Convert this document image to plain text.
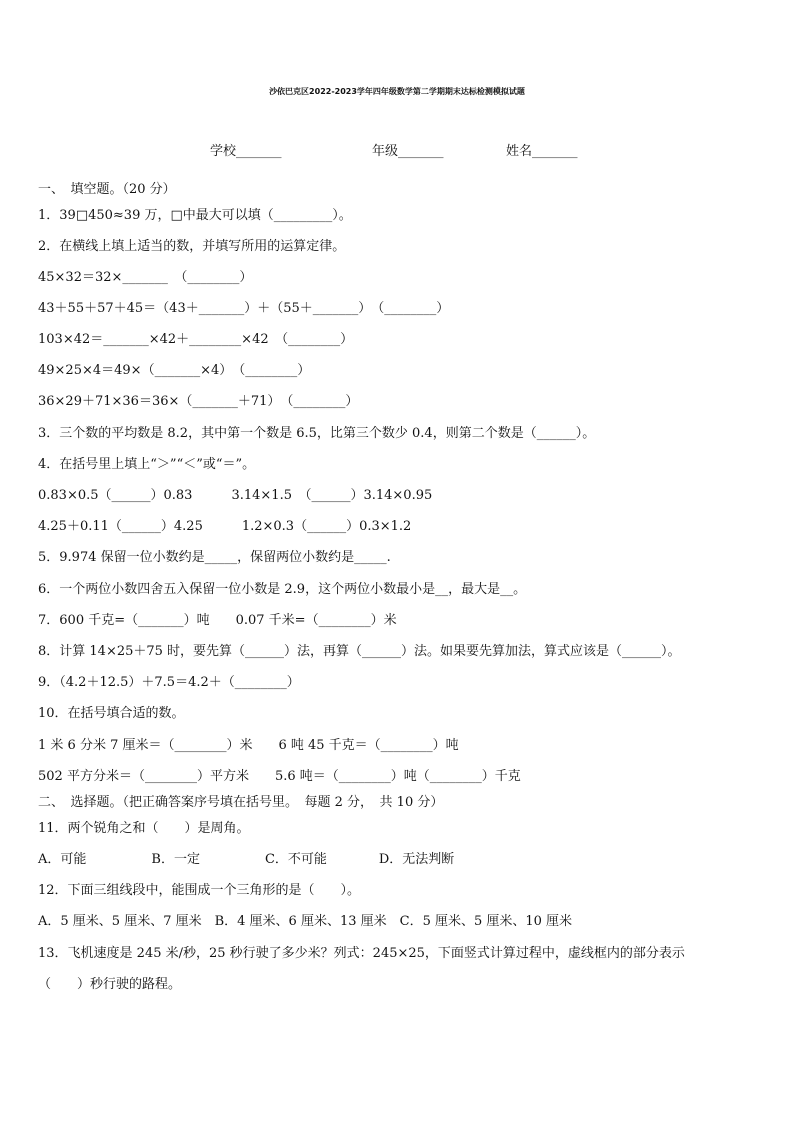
沙依巴克区2022-2023学年四年级数学第二学期期末达标检测模拟试题
学校_______	年级_______	姓名_______
一、　填空题。（20 分）
1．39□450≈39 万，□中最大可以填（_________）。
2．在横线上填上适当的数，并填写所用的运算定律。
45×32＝32×_______　（________）
43＋55＋57＋45＝（43＋_______）＋（55＋_______）　（________）
103×42＝_______×42＋________×42　（________）
49×25×4＝49×（_______×4）　（________）
36×29＋71×36＝36×（_______＋71）　（________）
3．三个数的平均数是 8.2，其中第一个数是 6.5，比第三个数少 0.4，则第二个数是（______）。
4．在括号里上填上“＞”“＜”或“＝”。
0.83×0.5（______）0.83　　　3.14×1.5　（______）3.14×0.95
4.25＋0.11（______）4.25　　　1.2×0.3（______）0.3×1.2
5．9.974 保留一位小数约是_____，保留两位小数约是_____.
6．一个两位小数四舍五入保留一位小数是 2.9，这个两位小数最小是__，最大是__。
7．600 千克=（_______）吨　　0.07 千米=（________）米
8．计算 14×25＋75 时，要先算（______）法，再算（______）法。如果要先算加法，算式应该是（______）。
9．（4.2＋12.5）＋7.5＝4.2＋（________）
10．在括号填合适的数。
1 米 6 分米 7 厘米＝（________）米　　6 吨 45 千克＝（________）吨
502 平方分米＝（________）平方米　　5.6 吨＝（________）吨（________）千克
二、　选择题。（把正确答案序号填在括号里。　每题 2 分，　共 10 分）
11．两个锐角之和（　　）是周角。
A．可能　　　　　B．一定　　　　　C．不可能　　　　D．无法判断
12．下面三组线段中，能围成一个三角形的是（　　）。
A．5 厘米、5 厘米、7 厘米　B．4 厘米、6 厘米、13 厘米　C．5 厘米、5 厘米、10 厘米
13．飞机速度是 245 米/秒，25 秒行驶了多少米？列式：245×25，下面竖式计算过程中，虚线框内的部分表示
（　　）秒行驶的路程。
